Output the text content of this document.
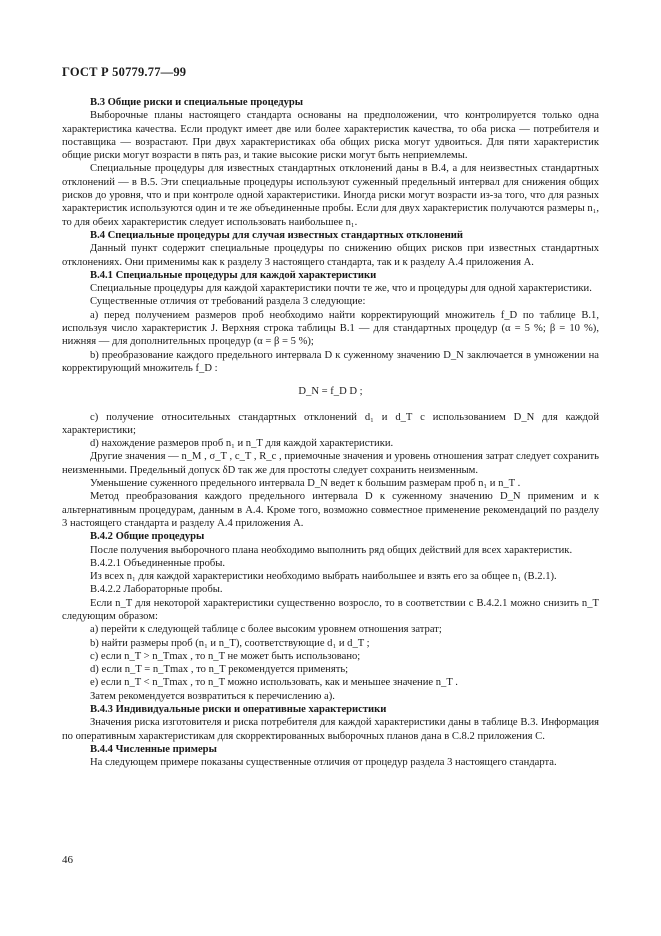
ГОСТ Р 50779.77—99

B.3 Общие риски и специальные процедуры

Выборочные планы настоящего стандарта основаны на предположении, что контролируется только одна характеристика качества. Если продукт имеет две или более характеристик качества, то оба риска — потребителя и поставщика — возрастают. При двух характеристиках оба общих риска могут удвоиться. Для пяти характеристик общие риски могут возрасти в пять раз, и такие высокие риски могут быть неприемлемы.

Специальные процедуры для известных стандартных отклонений даны в B.4, а для неизвестных стандартных отклонений — в B.5. Эти специальные процедуры используют суженный предельный интервал для снижения общих рисков до уровня, что и при контроле одной характеристики. Иногда риски могут возрасти из-за того, что для разных характеристик используются один и те же объединенные пробы. Если для двух характеристик получаются размеры n₁, то для обеих характеристик следует использовать наибольшее n₁.

B.4 Специальные процедуры для случая известных стандартных отклонений

Данный пункт содержит специальные процедуры по снижению общих рисков при известных стандартных отклонениях. Они применимы как к разделу 3 настоящего стандарта, так и к разделу A.4 приложения A.

B.4.1 Специальные процедуры для каждой характеристики

Специальные процедуры для каждой характеристики почти те же, что и процедуры для одной характеристики.

Существенные отличия от требований раздела 3 следующие:

a) перед получением размеров проб необходимо найти корректирующий множитель f_D по таблице B.1, используя число характеристик J. Верхняя строка таблицы B.1 — для стандартных процедур (α = 5 %; β = 10 %), нижняя — для дополнительных процедур (α = β = 5 %);

b) преобразование каждого предельного интервала D к суженному значению D_N заключается в умножении на корректирующий множитель f_D :

D_N = f_D D ;

c) получение относительных стандартных отклонений d₁ и d_T с использованием D_N для каждой характеристики;

d) нахождение размеров проб n₁ и n_T для каждой характеристики.

Другие значения — n_M , σ_T , c_T , R_c , приемочные значения и уровень отношения затрат следует сохранить неизменными. Предельный допуск δD так же для простоты следует сохранить неизменным.

Уменьшение суженного предельного интервала D_N ведет к большим размерам проб n₁ и n_T .

Метод преобразования каждого предельного интервала D к суженному значению D_N применим и к альтернативным процедурам, данным в A.4. Кроме того, возможно совместное применение рекомендаций по разделу 3 настоящего стандарта и разделу A.4 приложения A.

B.4.2 Общие процедуры

После получения выборочного плана необходимо выполнить ряд общих действий для всех характеристик.

B.4.2.1 Объединенные пробы.

Из всех n₁ для каждой характеристики необходимо выбрать наибольшее и взять его за общее n₁ (B.2.1).

B.4.2.2 Лабораторные пробы.

Если n_T для некоторой характеристики существенно возросло, то в соответствии с B.4.2.1 можно снизить n_T следующим образом:

a) перейти к следующей таблице с более высоким уровнем отношения затрат;

b) найти размеры проб (n₁ и n_T), соответствующие d₁ и d_T ;

c) если n_T > n_Tmax , то n_T не может быть использовано;

d) если n_T = n_Tmax , то n_T рекомендуется применять;

e) если n_T < n_Tmax , то n_T можно использовать, как и меньшее значение n_T .

Затем рекомендуется возвратиться к перечислению a).

B.4.3 Индивидуальные риски и оперативные характеристики

Значения риска изготовителя и риска потребителя для каждой характеристики даны в таблице B.3. Информация по оперативным характеристикам для скорректированных выборочных планов дана в C.8.2 приложения C.

B.4.4 Численные примеры

На следующем примере показаны существенные отличия от процедур раздела 3 настоящего стандарта.

46
